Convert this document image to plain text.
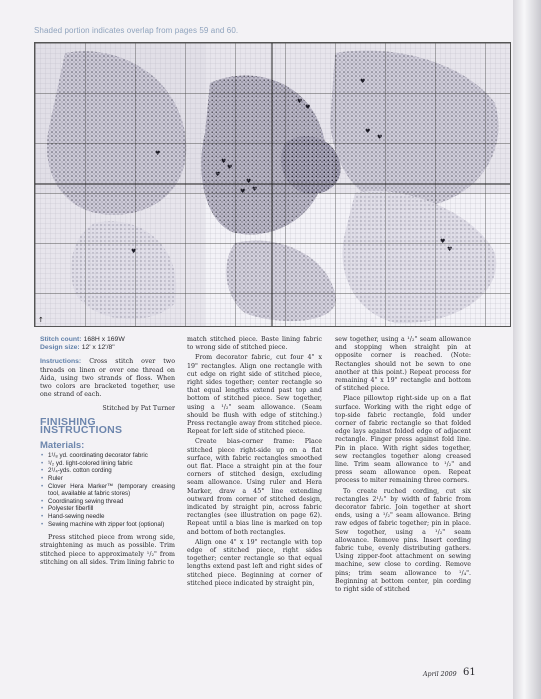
Shaded portion indicates overlap from pages 59 and 60.
↑
Stitch count: 168H x 169W
Design size: 12' x 12'/8"

Instructions: Cross stitch over two threads on linen or over one thread on Aida, using two strands of floss. When two colors are bracketed together, use one strand of each.

Stitched by Pat Turner
FINISHING INSTRUCTIONS
Materials:
• 1¹/₈ yd. coordinating decorator fabric
• ¹/₂ yd. light-colored lining fabric
• 2¹/₄-yds. cotton cording
• Ruler
• Clover Hera Marker™ (temporary creasing tool, available at fabric stores)
• Coordinating sewing thread
• Polyester fiberfill
• Hand-sewing needle
• Sewing machine with zipper foot (optional)

Press stitched piece from wrong side, straightening as much as possible. Trim stitched piece to approximately ¹/₂" from stitching on all sides. Trim lining fabric to

match stitched piece. Baste lining fabric to wrong side of stitched piece.

From decorator fabric, cut four 4" x 19" rectangles. Align one rectangle with cut edge on right side of stitched piece, right sides together; center rectangle so that equal lengths extend past top and bottom of stitched piece. Sew together, using a ¹/₂" seam allowance. (Seam should be flush with edge of stitching.) Press rectangle away from stitched piece. Repeat for left side of stitched piece.

Create bias-corner frame: Place stitched piece right-side up on a flat surface, with fabric rectangles smoothed out flat. Place a straight pin at the four corners of stitched design, excluding seam allowance. Using ruler and Hera Marker, draw a 45° line extending outward from corner of stitched design, indicated by straight pin, across fabric rectangles (see illustration on page 62). Repeat until a bias line is marked on top and bottom of both rectangles.

Align one 4" x 19" rectangle with top edge of stitched piece, right sides together; center rectangle so that equal lengths extend past left and right sides of stitched piece. Beginning at corner of stitched piece indicated by straight pin,

sew together, using a ¹/₂" seam allowance and stopping when straight pin at opposite corner is reached. (Note: Rectangles should not be sewn to one another at this point.) Repeat process for remaining 4" x 19" rectangle and bottom of stitched piece.

Place pillowtop right-side up on a flat surface. Working with the right edge of top-side fabric rectangle, fold under corner of fabric rectangle so that folded edge lays against folded edge of adjacent rectangle. Finger press against fold line. Pin in place. With right sides together, sew rectangles together along creased line. Trim seam allowance to ¹/₂" and press seam allowance open. Repeat process to miter remaining three corners.

To create ruched cording, cut six rectangles 2¹/₂" by width of fabric from decorator fabric. Join together at short ends, using a ¹/₂" seam allowance. Bring raw edges of fabric together; pin in place. Sew together, using a ¹/₂" seam allowance. Remove pins. Insert cording fabric tube, evenly distributing gathers. Using zipper-foot attachment on sewing machine, sew close to cording. Remove pins; trim seam allowance to ¹/₄". Beginning at bottom center, pin cording to right side of stitched

April 2009 61
